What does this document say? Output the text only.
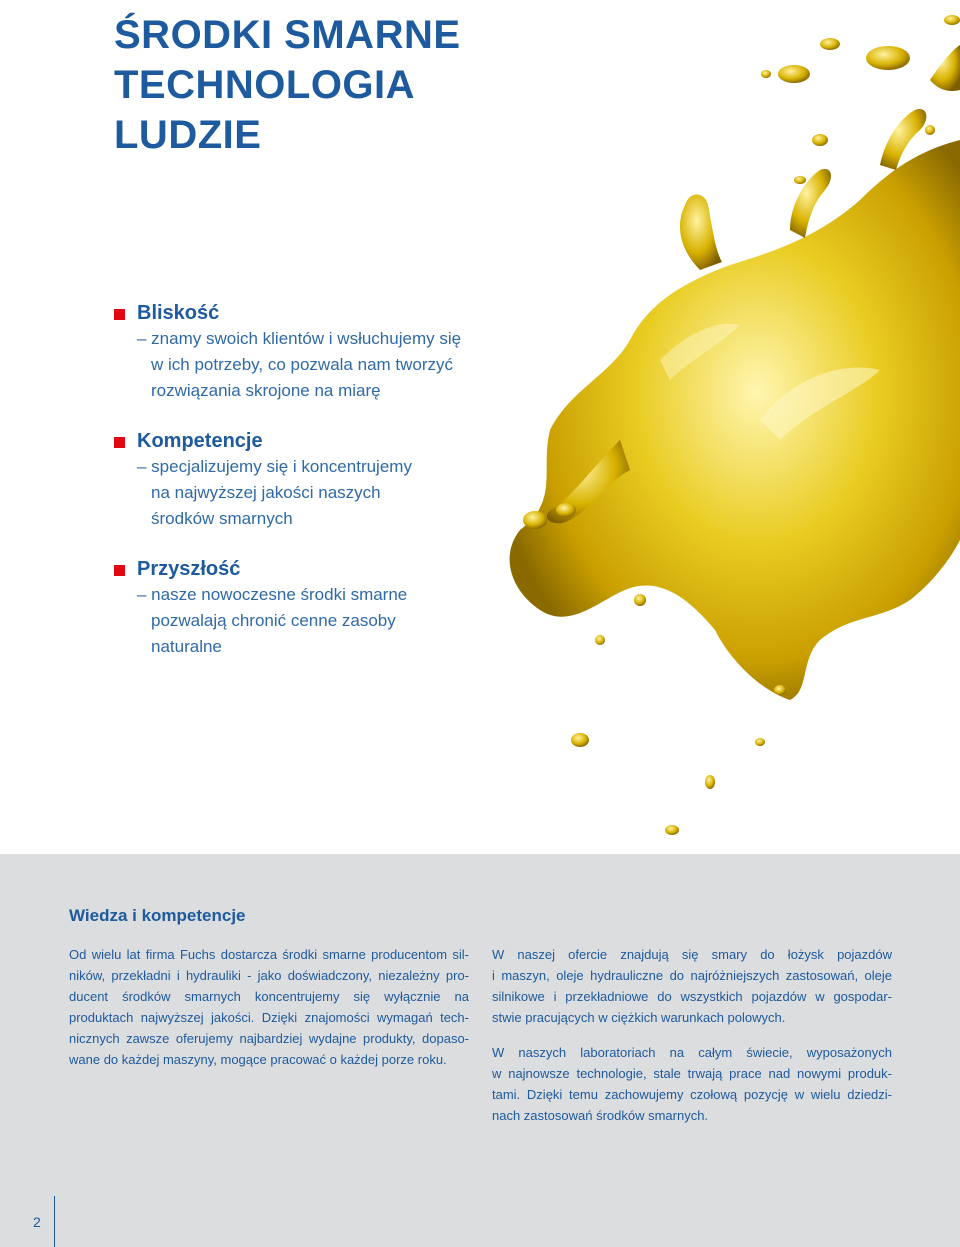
ŚRODKI SMARNE
TECHNOLOGIA
LUDZIE
Bliskość
– znamy swoich klientów i wsłuchujemy się
w ich potrzeby, co pozwala nam tworzyć
rozwiązania skrojone na miarę
Kompetencje
– specjalizujemy się i koncentrujemy
na najwyższej jakości naszych
środków smarnych
Przyszłość
– nasze nowoczesne środki smarne
pozwalają chronić cenne zasoby
naturalne
Wiedza i kompetencje

Od wielu lat firma Fuchs dostarcza środki smarne producentom sil-
ników, przekładni i hydrauliki - jako doświadczony, niezależny pro-
ducent środków smarnych koncentrujemy się wyłącznie na
produktach najwyższej jakości. Dzięki znajomości wymagań tech-
nicznych zawsze oferujemy najbardziej wydajne produkty, dopaso-
wane do każdej maszyny, mogące pracować o każdej porze roku.

W naszej ofercie znajdują się smary do łożysk pojazdów
i maszyn, oleje hydrauliczne do najróżniejszych zastosowań, oleje
silnikowe i przekładniowe do wszystkich pojazdów w gospodar-
stwie pracujących w ciężkich warunkach polowych.

W naszych laboratoriach na całym świecie, wyposażonych
w najnowsze technologie, stale trwają prace nad nowymi produk-
tami. Dzięki temu zachowujemy czołową pozycję w wielu dziedzi-
nach zastosowań środków smarnych.

2
